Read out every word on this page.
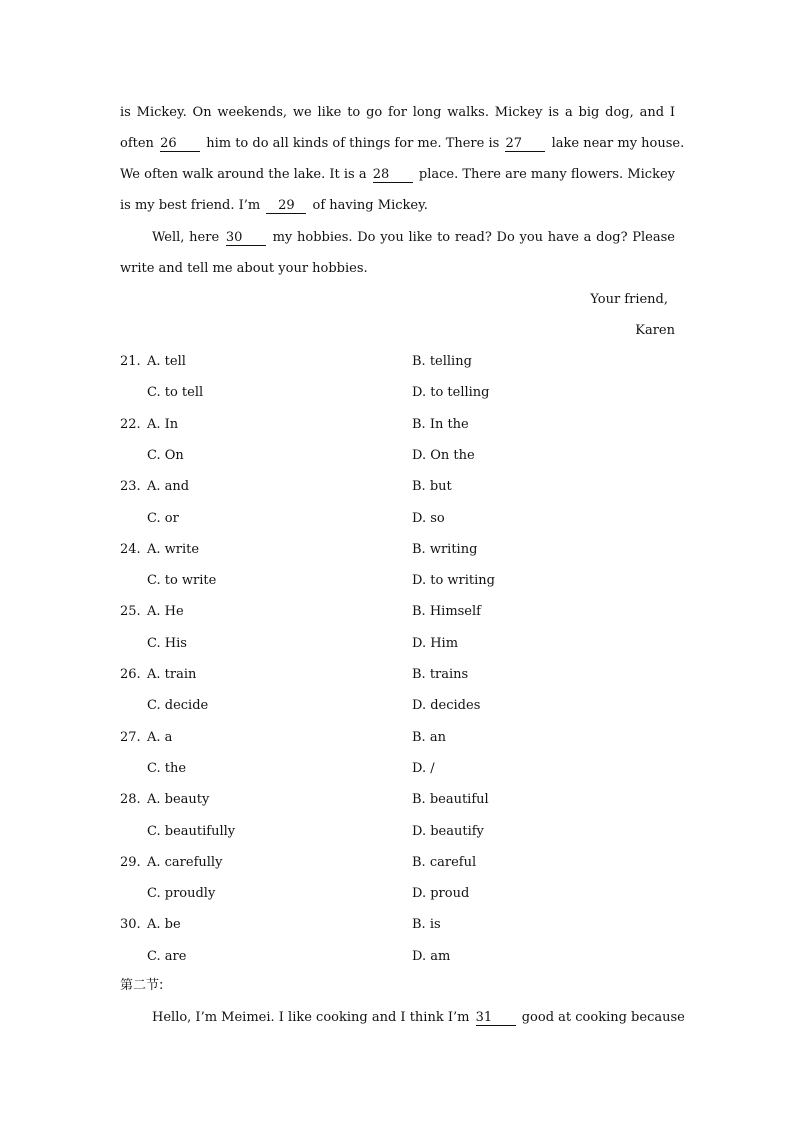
is Mickey. On weekends, we like to go for long walks. Mickey is a big dog, and I
often 26 him to do all kinds of things for me. There is 27 lake near my house.
We often walk around the lake. It is a 28 place. There are many flowers. Mickey
is my best friend. I’m 29 of having Mickey.
Well, here 30 my hobbies. Do you like to read? Do you have a dog? Please
write and tell me about your hobbies.
Your friend,
Karen
21. A. tell	B. telling
C. to tell	D. to telling
22. A. In	B. In the
C. On	D. On the
23. A. and	B. but
C. or	D. so
24. A. write	B. writing
C. to write	D. to writing
25. A. He	B. Himself
C. His	D. Him
26. A. train	B. trains
C. decide	D. decides
27. A. a	B. an
C. the	D. /
28. A. beauty	B. beautiful
C. beautifully	D. beautify
29. A. carefully	B. careful
C. proudly	D. proud
30. A. be	B. is
C. are	D. am
第二节:
Hello, I’m Meimei. I like cooking and I think I’m 31 good at cooking because
